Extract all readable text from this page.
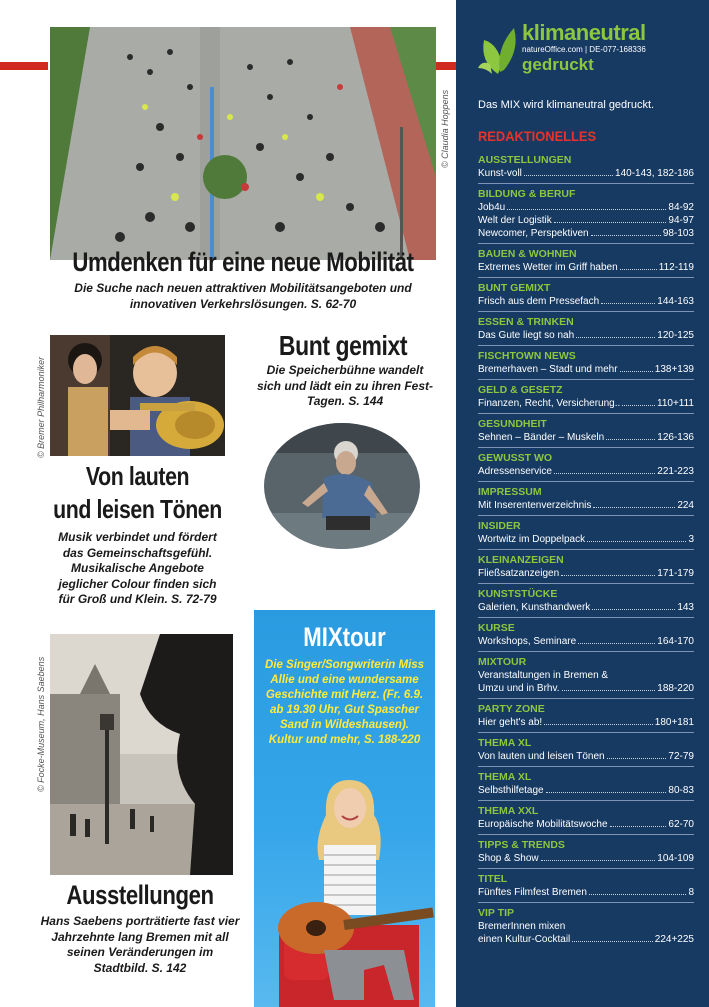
© Claudia Hoppens
Umdenken für eine neue Mobilität
Die Suche nach neuen attraktiven Mobilitätsangeboten und innovativen Verkehrslösungen. S. 62-70
© Bremer Philharmoniker
Von lauten
und leisen Tönen
Musik verbindet und fördert das Gemeinschaftsgefühl. Musikalische Angebote jeglicher Colour finden sich für Groß und Klein. S. 72-79
Bunt gemixt
Die Speicherbühne wandelt sich und lädt ein zu ihren Fest-Tagen. S. 144
© Focke-Museum, Hans Saebens
Ausstellungen
Hans Saebens porträtierte fast vier Jahrzehnte lang Bremen mit all seinen Veränderungen im Stadtbild. S. 142
MIXtour
Die Singer/Songwriterin Miss Allie und eine wundersame Geschichte mit Herz. (Fr. 6.9. ab 19.30 Uhr, Gut Spascher Sand in Wildeshausen). Kultur und mehr, S. 188-220
klimaneutral
natureOffice.com | DE-077-168336
gedruckt
Das MIX wird klimaneutral gedruckt.
REDAKTIONELLES
AUSSTELLUNGEN
Kunst-voll	140-143, 182-186
BILDUNG & BERUF
Job4u	84-92
Welt der Logistik	94-97
Newcomer, Perspektiven	98-103
BAUEN & WOHNEN
Extremes Wetter im Griff haben	112-119
BUNT GEMIXT
Frisch aus dem Pressefach	144-163
ESSEN & TRINKEN
Das Gute liegt so nah	120-125
FISCHTOWN NEWS
Bremerhaven – Stadt und mehr	138+139
GELD & GESETZ
Finanzen, Recht, Versicherung..	110+111
GESUNDHEIT
Sehnen – Bänder – Muskeln	126-136
GEWUSST WO
Adressenservice	221-223
IMPRESSUM
Mit Inserentenverzeichnis	224
INSIDER
Wortwitz im Doppelpack	3
KLEINANZEIGEN
Fließsatzanzeigen	171-179
KUNSTSTÜCKE
Galerien, Kunsthandwerk	143
KURSE
Workshops, Seminare	164-170
MIXTOUR
Veranstaltungen in Bremen &
Umzu und in Brhv.	188-220
PARTY ZONE
Hier geht's ab!	180+181
THEMA XL
Von lauten und leisen Tönen	72-79
THEMA XL
Selbsthilfetage	80-83
THEMA XXL
Europäische Mobilitätswoche	62-70
TIPPS & TRENDS
Shop & Show	104-109
TITEL
Fünftes Filmfest Bremen	8
VIP TIP
BremerInnen mixen
einen Kultur-Cocktail	224+225
